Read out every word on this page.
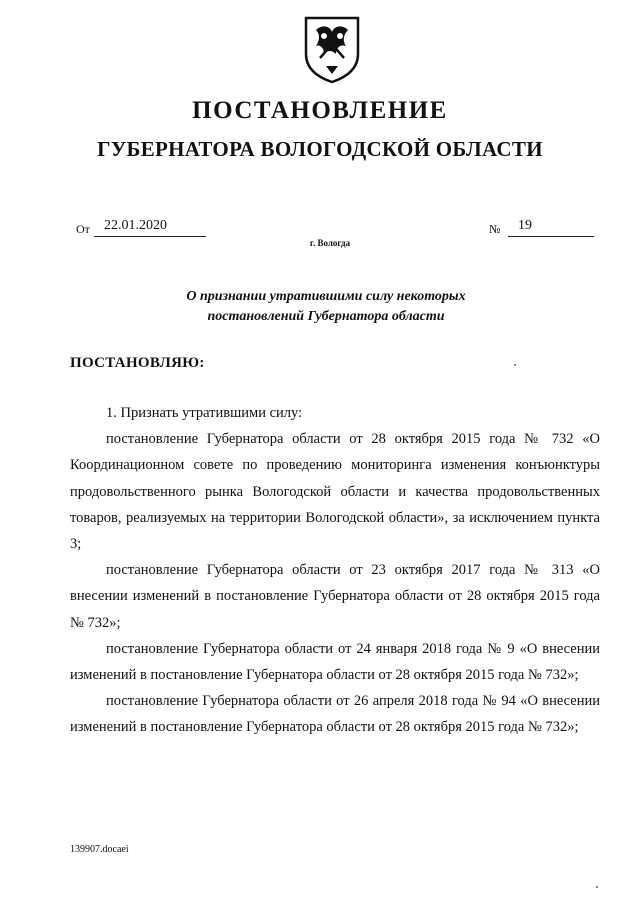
ПОСТАНОВЛЕНИЕ
ГУБЕРНАТОРА ВОЛОГОДСКОЙ ОБЛАСТИ
От	22.01.2020	№	19
г. Вологда
О признании утратившими силу некоторых
постановлений Губернатора области
ПОСТАНОВЛЯЮ:

1. Признать утратившими силу:

постановление Губернатора области от 28 октября 2015 года № 732 «О Координационном совете по проведению мониторинга изменения конъюнктуры продовольственного рынка Вологодской области и качества продовольственных товаров, реализуемых на территории Вологодской области», за исключением пункта 3;

постановление Губернатора области от 23 октября 2017 года № 313 «О внесении изменений в постановление Губернатора области от 28 октября 2015 года № 732»;

постановление Губернатора области от 24 января 2018 года № 9 «О внесении изменений в постановление Губернатора области от 28 октября 2015 года № 732»;

постановление Губернатора области от 26 апреля 2018 года № 94 «О внесении изменений в постановление Губернатора области от 28 октября 2015 года № 732»;

139907.docaei
